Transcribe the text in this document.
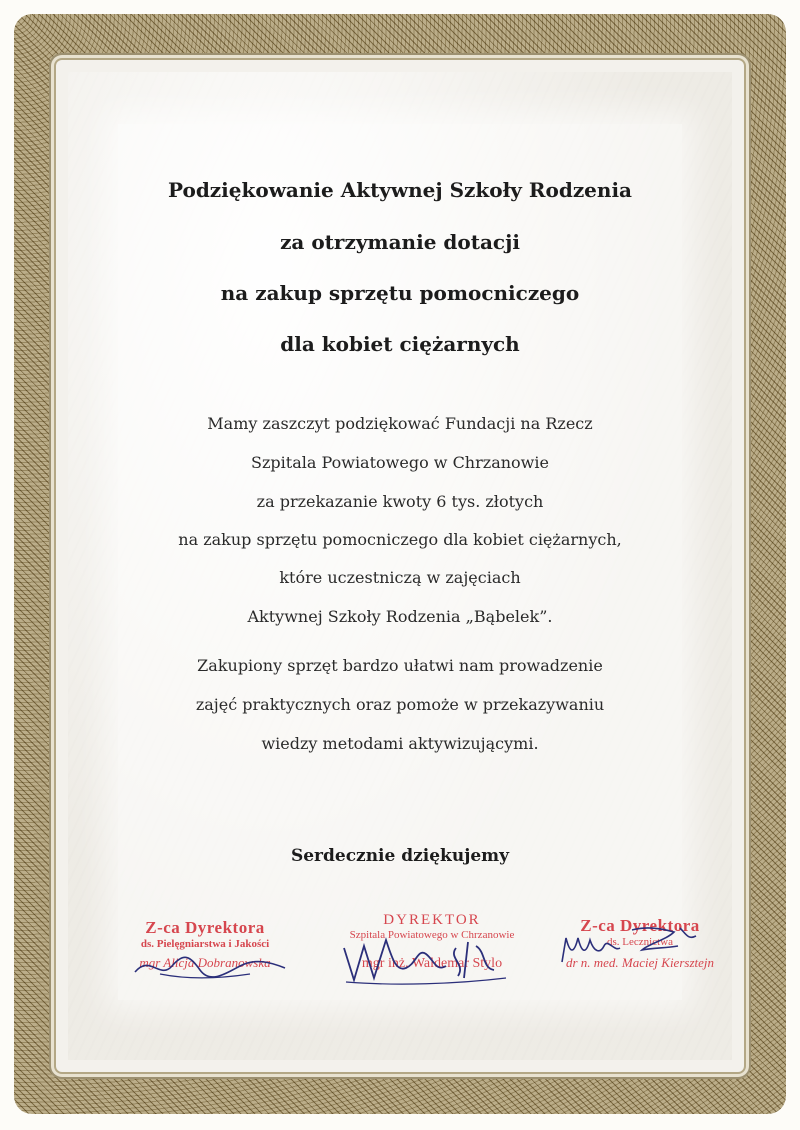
Podziękowanie Aktywnej Szkoły Rodzenia
za otrzymanie dotacji
na zakup sprzętu pomocniczego
dla kobiet ciężarnych
Mamy zaszczyt podziękować Fundacji na Rzecz
Szpitala Powiatowego w Chrzanowie
za przekazanie kwoty 6 tys. złotych
na zakup sprzętu pomocniczego dla kobiet ciężarnych,
które uczestniczą w zajęciach
Aktywnej Szkoły Rodzenia „Bąbelek”.
Zakupiony sprzęt bardzo ułatwi nam prowadzenie
zajęć praktycznych oraz pomoże w przekazywaniu
wiedzy metodami aktywizującymi.
Serdecznie dziękujemy
Z-ca Dyrektora
ds. Pielęgniarstwa i Jakości
mgr Alicja Dobranowska
DYREKTOR
Szpitala Powiatowego w Chrzanowie
mgr inż. Waldemar Stylo
Z-ca Dyrektora
ds. Lecznictwa
dr n. med. Maciej Kiersztejn
